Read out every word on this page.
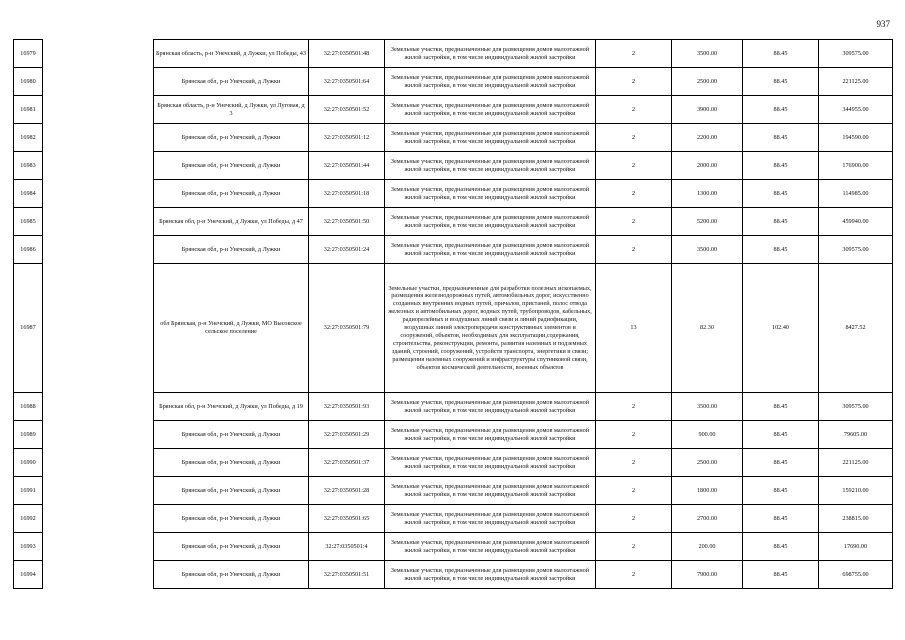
937
16979		Брянская область, р-н Унечский, д Лужки, ул Победы, 43	32:27:0350501:48	Земельные участки, предназначенные для размещения домов малоэтажной жилой застройки, в том числе индивидуальной жилой застройки	2	3500.00	88.45	309575.00
16980		Брянская обл, р-н Унечский, д Лужки	32:27:0350501:64	Земельные участки, предназначенные для размещения домов малоэтажной жилой застройки, в том числе индивидуальной жилой застройки	2	2500.00	88.45	221125.00
16981		Брянская область, р-н Унечский, д Лужки, ул Луговая, д 3	32:27:0350501:52	Земельные участки, предназначенные для размещения домов малоэтажной жилой застройки, в том числе индивидуальной жилой застройки	2	3900.00	88.45	344955.00
16982		Брянская обл, р-н Унечский, д Лужки	32:27:0350501:12	Земельные участки, предназначенные для размещения домов малоэтажной жилой застройки, в том числе индивидуальной жилой застройки	2	2200.00	88.45	194590.00
16983		Брянская обл, р-н Унечский, д Лужки	32:27:0350501:44	Земельные участки, предназначенные для размещения домов малоэтажной жилой застройки, в том числе индивидуальной жилой застройки	2	2000.00	88.45	176900.00
16984		Брянская обл, р-н Унечский, д Лужки	32:27:0350501:18	Земельные участки, предназначенные для размещения домов малоэтажной жилой застройки, в том числе индивидуальной жилой застройки	2	1300.00	88.45	114985.00
16985		Брянская обл, р-н Унечский, д Лужки, ул Победы, д 47	32:27:0350501:50	Земельные участки, предназначенные для размещения домов малоэтажной жилой застройки, в том числе индивидуальной жилой застройки	2	5200.00	88.45	459940.00
16986		Брянская обл, р-н Унечский, д Лужки	32:27:0350501:24	Земельные участки, предназначенные для размещения домов малоэтажной жилой застройки, в том числе индивидуальной жилой застройки	2	3500.00	88.45	309575.00
16987		обл Брянская, р-н Унечский, д Лужки, МО Высокское сельское поселение	32:27:0350501:79	Земельные участки, предназначенные для разработки полезных ископаемых, размещения железнодорожных путей, автомобильных дорог, искусственно созданных внутренних водных путей, причалов, пристаней, полос отвода железных и автомобильных дорог, водных путей, трубопроводов, кабельных, радиорелейных и воздушных линий связи и линий радиофикации, воздушных линий электропередачи конструктивных элементов и сооружений, объектов, необходимых для эксплуатации,содержания, строительства, реконструкции, ремонта, развития наземных и подземных зданий, строений, сооружений, устройств транспорта, энергетики и связи; размещения наземных сооружений и инфраструктуры спутниковой связи, объектов космической деятельности, военных объектов	13	82.30	102.40	8427.52
16988		Брянская обл, р-н Унечский, д Лужки, ул Победы, д 19	32:27:0350501:93	Земельные участки, предназначенные для размещения домов малоэтажной жилой застройки, в том числе индивидуальной жилой застройки	2	3500.00	88.45	309575.00
16989		Брянская обл, р-н Унечский, д Лужки	32:27:0350501:29	Земельные участки, предназначенные для размещения домов малоэтажной жилой застройки, в том числе индивидуальной жилой застройки	2	900.00	88.45	79605.00
16990		Брянская обл, р-н Унечский, д Лужки	32:27:0350501:37	Земельные участки, предназначенные для размещения домов малоэтажной жилой застройки, в том числе индивидуальной жилой застройки	2	2500.00	88.45	221125.00
16991		Брянская обл, р-н Унечский, д Лужки	32:27:0350501:28	Земельные участки, предназначенные для размещения домов малоэтажной жилой застройки, в том числе индивидуальной жилой застройки	2	1800.00	88.45	159210.00
16992		Брянская обл, р-н Унечский, д Лужки	32:27:0350501:65	Земельные участки, предназначенные для размещения домов малоэтажной жилой застройки, в том числе индивидуальной жилой застройки	2	2700.00	88.45	238815.00
16993		Брянская обл, р-н Унечский, д Лужки	32:27:0350501:4	Земельные участки, предназначенные для размещения домов малоэтажной жилой застройки, в том числе индивидуальной жилой застройки	2	200.00	88.45	17690.00
16994		Брянская обл, р-н Унечский, д Лужки	32:27:0350501:51	Земельные участки, предназначенные для размещения домов малоэтажной жилой застройки, в том числе индивидуальной жилой застройки	2	7900.00	88.45	698755.00
